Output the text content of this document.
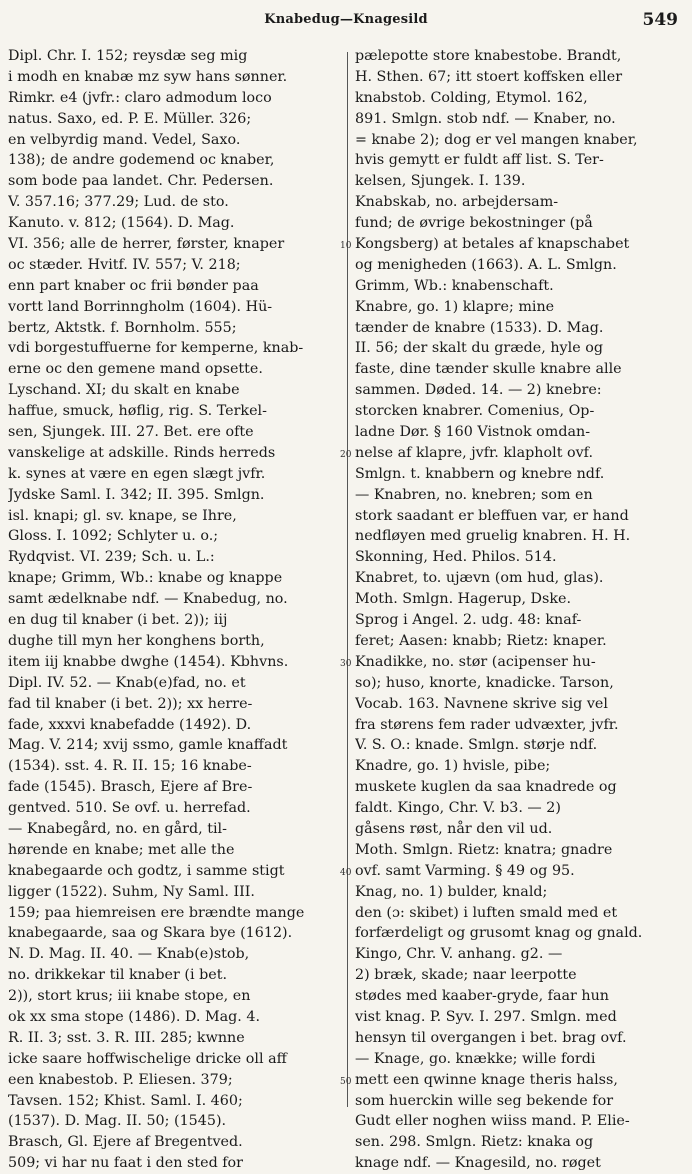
Knabedug—Knagesild	549
Dipl. Chr. I. 152; reysdæ seg mig
i modh en knabæ mz syw hans sønner.
Rimkr. e4 (jvfr.: claro admodum loco
natus. Saxo, ed. P. E. Müller. 326;
en velbyrdig mand. Vedel, Saxo.
138); de andre godemend oc knaber,
som bode paa landet. Chr. Pedersen.
V. 357.16; 377.29; Lud. de sto.
Kanuto. v. 812; (1564). D. Mag.
VI. 356; alle de herrer, førster, knaper
oc stæder. Hvitf. IV. 557; V. 218;
enn part knaber oc frii bønder paa
vortt land Borrinngholm (1604). Hü-
bertz, Aktstk. f. Bornholm. 555;
vdi borgestuffuerne for kemperne, knab-
erne oc den gemene mand opsette.
Lyschand. XI; du skalt en knabe
haffue, smuck, høflig, rig. S. Terkel-
sen, Sjungek. III. 27. Bet. ere ofte
vanskelige at adskille. Rinds herreds
k. synes at være en egen slægt jvfr.
Jydske Saml. I. 342; II. 395. Smlgn.
isl. knapi; gl. sv. knape, se Ihre,
Gloss. I. 1092; Schlyter u. o.;
Rydqvist. VI. 239; Sch. u. L.:
knape; Grimm, Wb.: knabe og knappe
samt ædelknabe ndf. — Knabedug, no.
en dug til knaber (i bet. 2)); iij
dughe till myn her konghens borth,
item iij knabbe dwghe (1454). Kbhvns.
Dipl. IV. 52. — Knab(e)fad, no. et
fad til knaber (i bet. 2)); xx herre-
fade, xxxvi knabefadde (1492). D.
Mag. V. 214; xvij ssmo, gamle knaffadt
(1534). sst. 4. R. II. 15; 16 knabe-
fade (1545). Brasch, Ejere af Bre-
gentved. 510. Se ovf. u. herrefad.
— Knabegård, no. en gård, til-
hørende en knabe; met alle the
knabegaarde och godtz, i samme stigt
ligger (1522). Suhm, Ny Saml. III.
159; paa hiemreisen ere brændte mange
knabegaarde, saa og Skara bye (1612).
N. D. Mag. II. 40. — Knab(e)stob,
no. drikkekar til knaber (i bet.
2)), stort krus; iii knabe stope, en
ok xx sma stope (1486). D. Mag. 4.
R. II. 3; sst. 3. R. III. 285; kwnne
icke saare hoffwischelige dricke oll aff
een knabestob. P. Eliesen. 379;
Tavsen. 152; Khist. Saml. I. 460;
(1537). D. Mag. II. 50; (1545).
Brasch, Gl. Ejere af Bregentved.
509; vi har nu faat i den sted for
pælepotte store knabestobe. Brandt,
H. Sthen. 67; itt stoert koffsken eller
knabstob. Colding, Etymol. 162,
891. Smlgn. stob ndf. — Knaber, no.
= knabe 2); dog er vel mangen knaber,
hvis gemytt er fuldt aff list. S. Ter-
kelsen, Sjungek. I. 139.
Knabskab, no. arbejdersam-
fund; de øvrige bekostninger (på
Kongsberg) at betales af knapschabet
og menigheden (1663). A. L. Smlgn.
Grimm, Wb.: knabenschaft.
Knabre, go. 1) klapre; mine
tænder de knabre (1533). D. Mag.
II. 56; der skalt du græde, hyle og
faste, dine tænder skulle knabre alle
sammen. Døded. 14. — 2) knebre:
storcken knabrer. Comenius, Op-
ladne Dør. § 160 Vistnok omdan-
nelse af klapre, jvfr. klapholt ovf.
Smlgn. t. knabbern og knebre ndf.
— Knabren, no. knebren; som en
stork saadant er bleffuen var, er hand
nedfløyen med gruelig knabren. H. H.
Skonning, Hed. Philos. 514.
Knabret, to. ujævn (om hud, glas).
Moth. Smlgn. Hagerup, Dske.
Sprog i Angel. 2. udg. 48: knaf-
feret; Aasen: knabb; Rietz: knaper.
Knadikke, no. stør (acipenser hu-
so); huso, knorte, knadicke. Tarson,
Vocab. 163. Navnene skrive sig vel
fra størens fem rader udvæxter, jvfr.
V. S. O.: knade. Smlgn. størje ndf.
Knadre, go. 1) hvisle, pibe;
muskete kuglen da saa knadrede og
faldt. Kingo, Chr. V. b3. — 2)
gåsens røst, når den vil ud.
Moth. Smlgn. Rietz: knatra; gnadre
ovf. samt Varming. § 49 og 95.
Knag, no. 1) bulder, knald;
den (ɔ: skibet) i luften smald med et
forfærdeligt og grusomt knag og gnald.
Kingo, Chr. V. anhang. g2. —
2) bræk, skade; naar leerpotte
stødes med kaaber-gryde, faar hun
vist knag. P. Syv. I. 297. Smlgn. med
hensyn til overgangen i bet. brag ovf.
— Knage, go. knække; wille fordi
mett een qwinne knage theris halss,
som huerckin wille seg bekende for
Gudt eller noghen wiiss mand. P. Elie-
sen. 298. Smlgn. Rietz: knaka og
knage ndf. — Knagesild, no. røget
10
20
30
40
50
